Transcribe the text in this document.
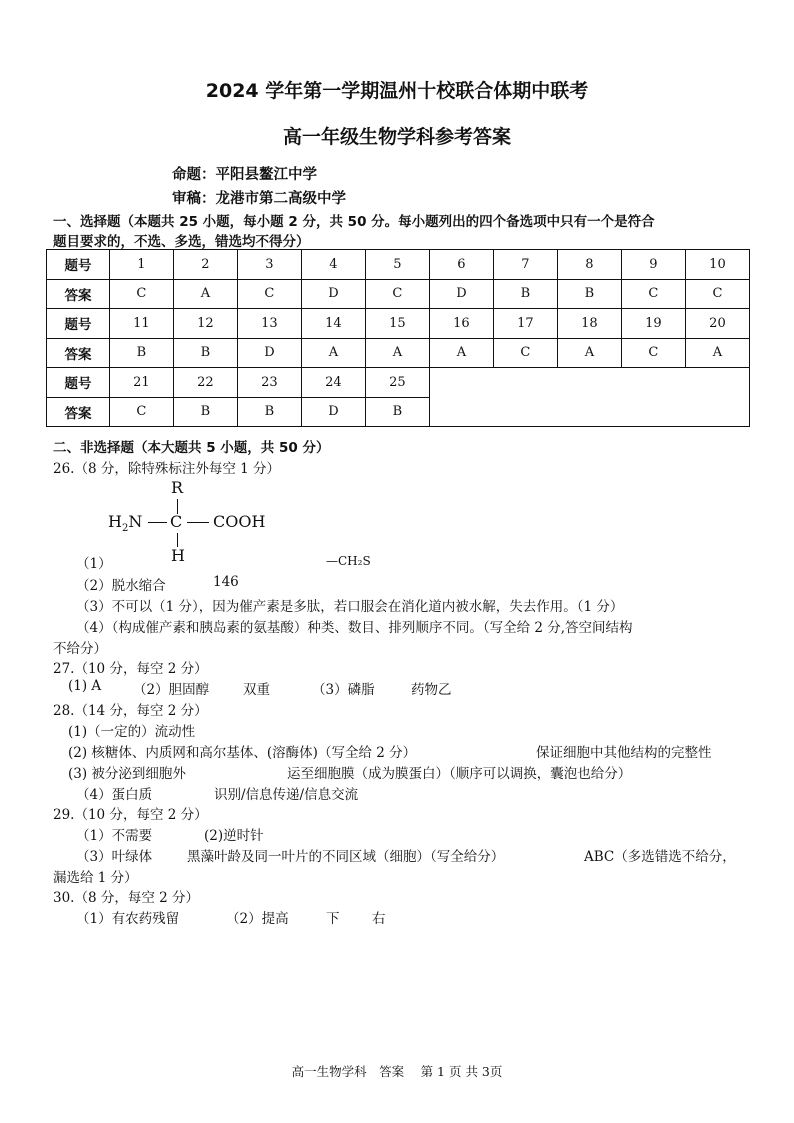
2024 学年第一学期温州十校联合体期中联考
高一年级生物学科参考答案
命题：平阳县鳌江中学
审稿：龙港市第二高级中学
一、选择题（本题共 25 小题，每小题 2 分，共 50 分。每小题列出的四个备选项中只有一个是符合
题目要求的，不选、多选，错选均不得分）
题号	1	2	3	4	5	6	7	8	9	10
答案	C	A	C	D	C	D	B	B	C	C
题号	11	12	13	14	15	16	17	18	19	20
答案	B	B	D	A	A	A	C	A	C	A
题号	21	22	23	24	25					
答案	C	B	B	D	B					
二、非选择题（本大题共 5 小题，共 50 分）
26.（8 分，除特殊标注外每空 1 分）
R
$H_2N$ C COOH
H
（1）	—CH₂S
（2）脱水缩合	146
（3）不可以（1 分），因为催产素是多肽，若口服会在消化道内被水解，失去作用。（1 分）
（4）（构成催产素和胰岛素的氨基酸）种类、数目、排列顺序不同。（写全给 2 分,答空间结构
不给分）
27.（10 分，每空 2 分）
(1) A （2）胆固醇	双重	（3）磷脂	药物乙
28.（14 分，每空 2 分）
(1)（一定的）流动性
(2) 核糖体、内质网和高尔基体、(溶酶体)（写全给 2 分）	保证细胞中其他结构的完整性
(3) 被分泌到细胞外	运至细胞膜（成为膜蛋白）（顺序可以调换，囊泡也给分）
（4）蛋白质	识别/信息传递/信息交流
29.（10 分，每空 2 分）
（1）不需要	(2)逆时针
（3）叶绿体	黑藻叶龄及同一叶片的不同区域（细胞）（写全给分）	ABC（多选错选不给分，
漏选给 1 分）
30.（8 分，每空 2 分）
（1）有农药残留	（2）提高	下 右
高一生物学科　答案　 第 1 页 共 3页
